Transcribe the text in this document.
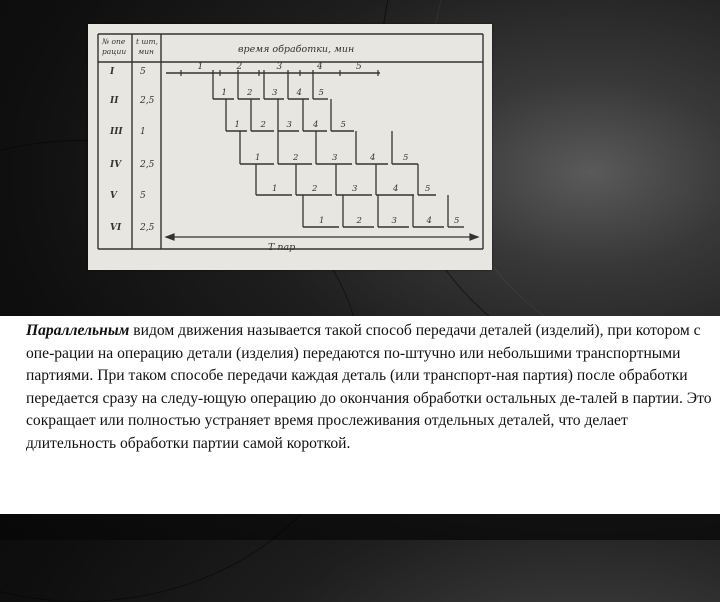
№ опе
рации
t шт,
мин	время обработки, мин
I	5
II 2,5
III 1
IV 2,5
V	5
VI 2,5
1	2	3	4	5
1 2 3 4 5
1 2 3 4	5
1	2	3	4	5
1	2	3	4	5
1	2	3	4	5
T пар

Параллельным видом движения называется такой способ передачи деталей (изделий), при котором с опе-рации на операцию детали (изделия) передаются по-штучно или небольшими транспортными партиями. При таком способе передачи каждая деталь (или транспорт-ная партия) после обработки передается сразу на следу-ющую операцию до окончания обработки остальных де-талей в партии. Это сокращает или полностью устраняет время прослеживания отдельных деталей, что делает длительность обработки партии самой короткой.
